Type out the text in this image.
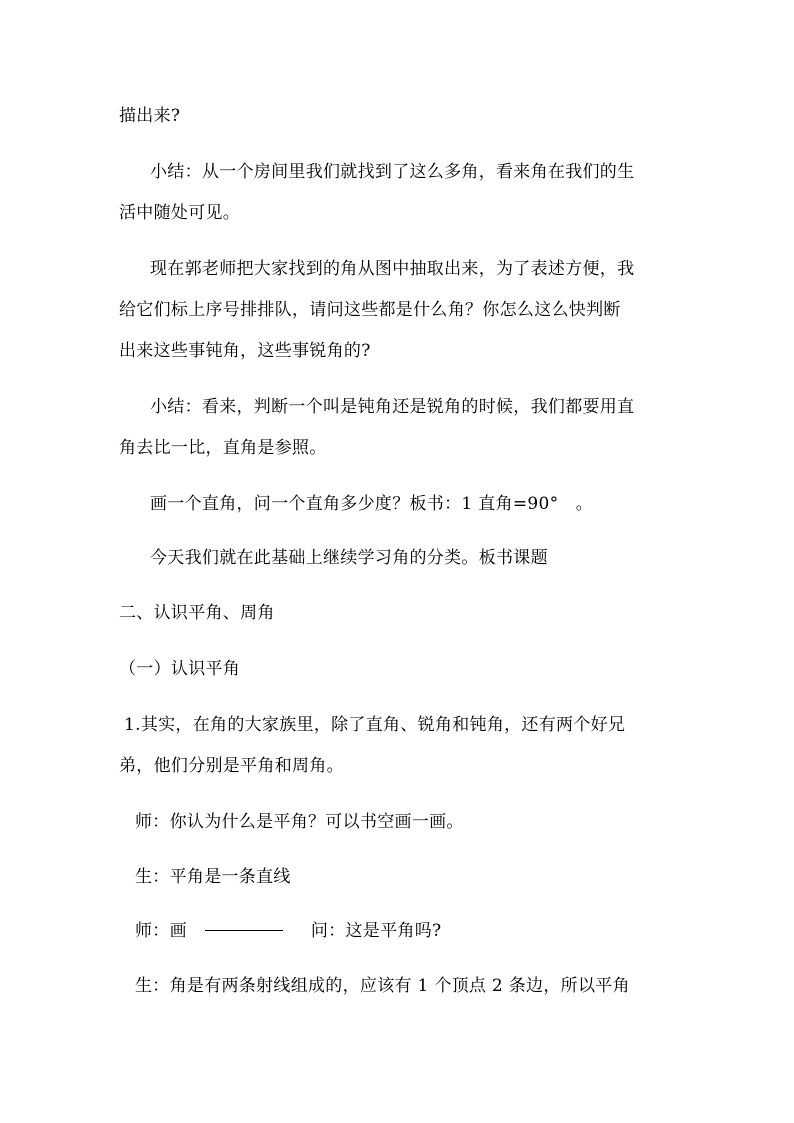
描出来?
小结：从一个房间里我们就找到了这么多角，看来角在我们的生
活中随处可见。
现在郭老师把大家找到的角从图中抽取出来，为了表述方便，我
给它们标上序号排排队，请问这些都是什么角？你怎么这么快判断
出来这些事钝角，这些事锐角的?
小结：看来，判断一个叫是钝角还是锐角的时候，我们都要用直
角去比一比，直角是参照。
画一个直角，问一个直角多少度？板书：1 直角=90°　。
今天我们就在此基础上继续学习角的分类。板书课题
二、认识平角、周角
（一）认识平角
1.其实，在角的大家族里，除了直角、锐角和钝角，还有两个好兄
弟，他们分别是平角和周角。
师：你认为什么是平角？可以书空画一画。
生：平角是一条直线
师：画	问：这是平角吗?
生：角是有两条射线组成的，应该有 1 个顶点 2 条边，所以平角
